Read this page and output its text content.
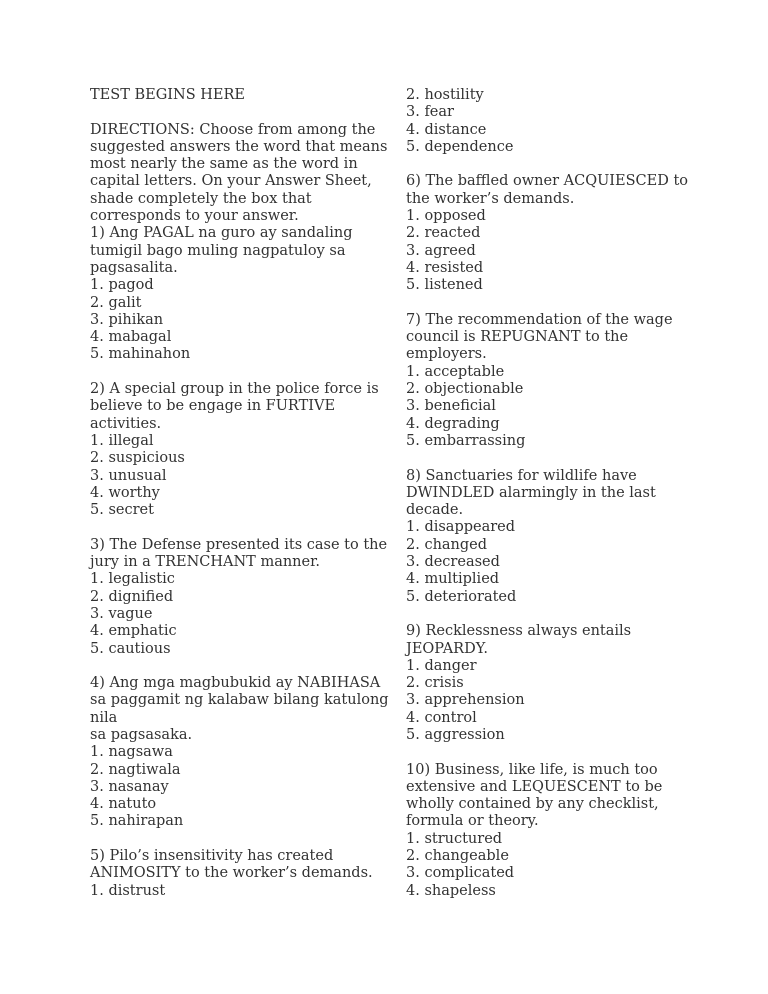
TEST BEGINS HERE
DIRECTIONS: Choose from among the
suggested answers the word that means
most nearly the same as the word in
capital letters. On your Answer Sheet,
shade completely the box that
corresponds to your answer.
1) Ang PAGAL na guro ay sandaling
tumigil bago muling nagpatuloy sa
pagsasalita.
1. pagod
2. galit
3. pihikan
4. mabagal
5. mahinahon
2) A special group in the police force is
believe to be engage in FURTIVE
activities.
1. illegal
2. suspicious
3. unusual
4. worthy
5. secret
3) The Defense presented its case to the
jury in a TRENCHANT manner.
1. legalistic
2. dignified
3. vague
4. emphatic
5. cautious
4) Ang mga magbubukid ay NABIHASA
sa paggamit ng kalabaw bilang katulong
nila
sa pagsasaka.
1. nagsawa
2. nagtiwala
3. nasanay
4. natuto
5. nahirapan
5) Pilo’s insensitivity has created
ANIMOSITY to the worker’s demands.
1. distrust
2. hostility
3. fear
4. distance
5. dependence
6) The baffled owner ACQUIESCED to
the worker’s demands.
1. opposed
2. reacted
3. agreed
4. resisted
5. listened
7) The recommendation of the wage
council is REPUGNANT to the
employers.
1. acceptable
2. objectionable
3. beneficial
4. degrading
5. embarrassing
8) Sanctuaries for wildlife have
DWINDLED alarmingly in the last
decade.
1. disappeared
2. changed
3. decreased
4. multiplied
5. deteriorated
9) Recklessness always entails
JEOPARDY.
1. danger
2. crisis
3. apprehension
4. control
5. aggression
10) Business, like life, is much too
extensive and LEQUESCENT to be
wholly contained by any checklist,
formula or theory.
1. structured
2. changeable
3. complicated
4. shapeless
